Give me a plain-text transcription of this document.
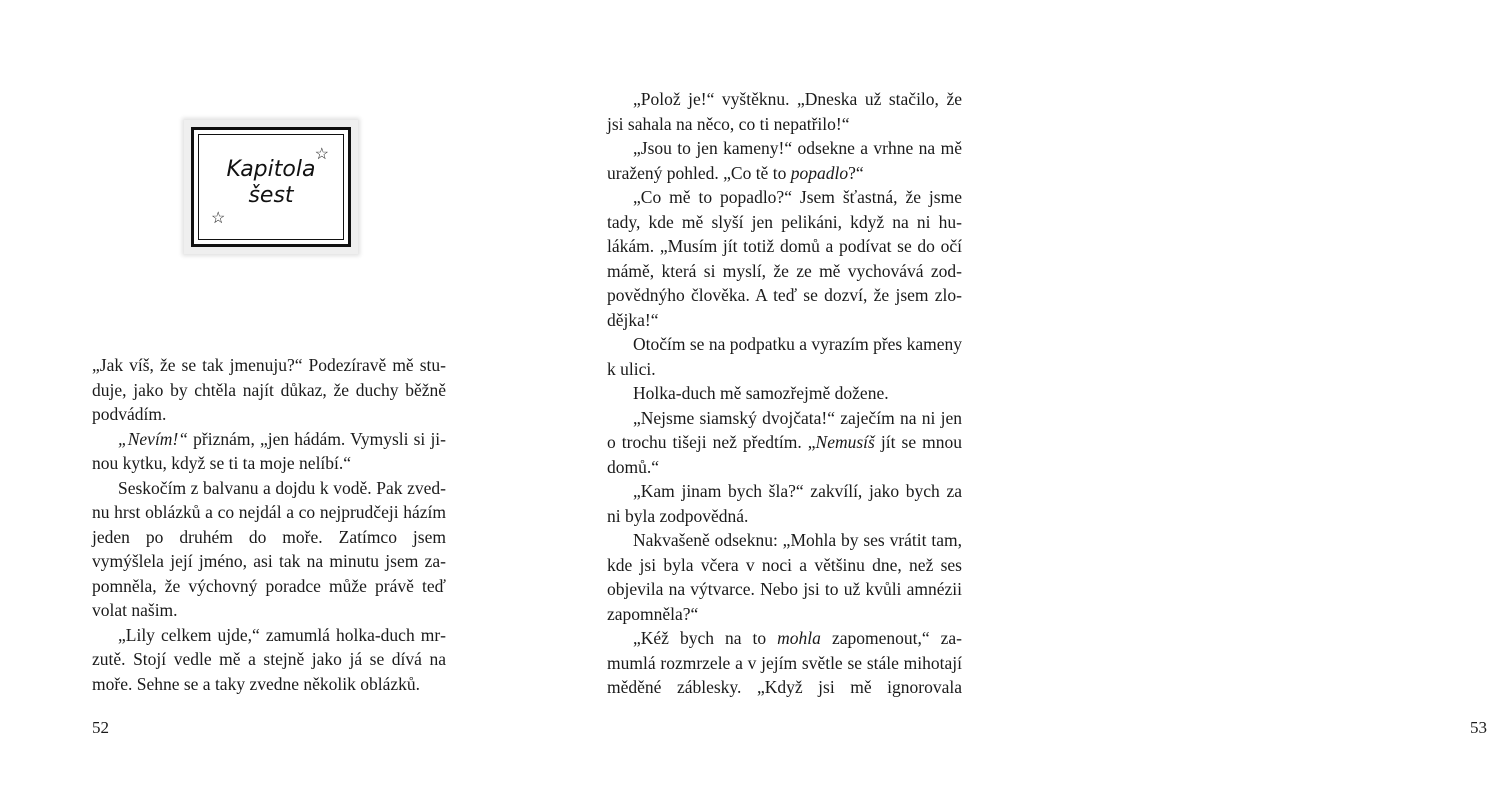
☆
Kapitola
šest
☆

„Jak víš, že se tak jmenuju?“ Podezíravě mě studuje, jako by chtěla najít důkaz, že duchy běžně podvádím.

„Nevím!“ přiznám, „jen hádám. Vymysli si jinou kytku, když se ti ta moje nelíbí.“

Seskočím z balvanu a dojdu k vodě. Pak zvednu hrst oblázků a co nejdál a co nejprudčeji házím jeden po druhém do moře. Zatímco jsem vymýšlela její jméno, asi tak na minutu jsem zapomněla, že výchovný poradce může právě teď volat našim.

„Lily celkem ujde,“ zamumlá holka-duch mrzutě. Stojí vedle mě a stejně jako já se dívá na moře. Sehne se a taky zvedne několik oblázků.

52	53

„Polož je!“ vyštěknu. „Dneska už stačilo, že jsi sahala na něco, co ti nepatřilo!“

„Jsou to jen kameny!“ odsekne a vrhne na mě uražený pohled. „Co tě to popadlo?“

„Co mě to popadlo?“ Jsem šťastná, že jsme tady, kde mě slyší jen pelikáni, když na ni hulákám. „Musím jít totiž domů a podívat se do očí mámě, která si myslí, že ze mě vychovává zodpovědnýho člověka. A teď se dozví, že jsem zlodějka!“

Otočím se na podpatku a vyrazím přes kameny k ulici.

Holka-duch mě samozřejmě dožene.

„Nejsme siamský dvojčata!“ zaječím na ni jen o trochu tišeji než předtím. „Nemusíš jít se mnou domů.“

„Kam jinam bych šla?“ zakvílí, jako bych za ni byla zodpovědná.

Nakvašeně odseknu: „Mohla by ses vrátit tam, kde jsi byla včera v noci a většinu dne, než ses objevila na výtvarce. Nebo jsi to už kvůli amnézii zapomněla?“

„Kéž bych na to mohla zapomenout,“ zamumlá rozmrzele a v jejím světle se stále mihotají měděné záblesky. „Když jsi mě ignorovala
